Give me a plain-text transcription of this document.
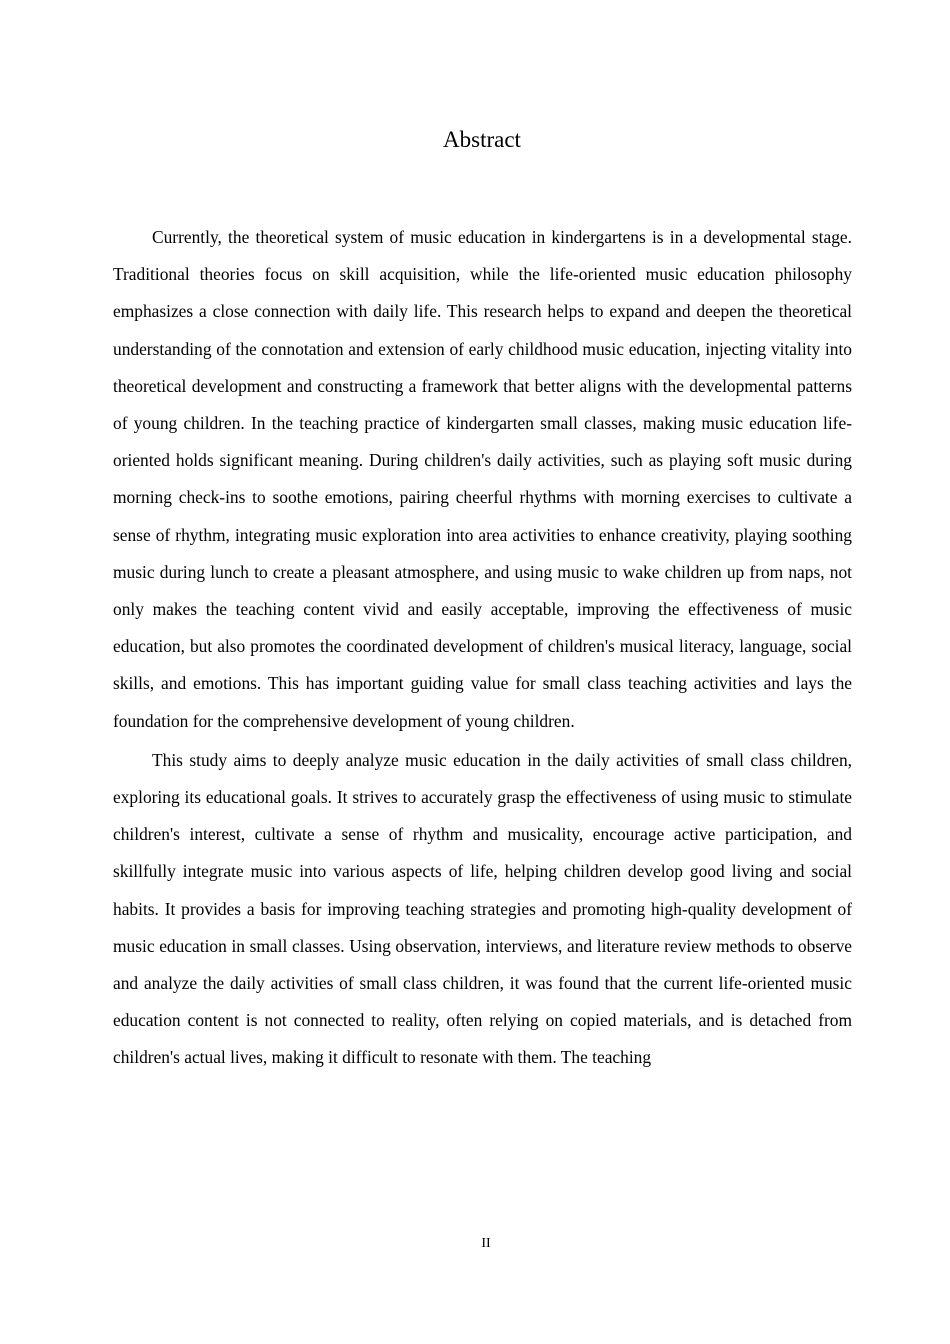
Abstract

Currently, the theoretical system of music education in kindergartens is in a developmental stage. Traditional theories focus on skill acquisition, while the life-oriented music education philosophy emphasizes a close connection with daily life. This research helps to expand and deepen the theoretical understanding of the connotation and extension of early childhood music education, injecting vitality into theoretical development and constructing a framework that better aligns with the developmental patterns of young children. In the teaching practice of kindergarten small classes, making music education life-oriented holds significant meaning. During children's daily activities, such as playing soft music during morning check-ins to soothe emotions, pairing cheerful rhythms with morning exercises to cultivate a sense of rhythm, integrating music exploration into area activities to enhance creativity, playing soothing music during lunch to create a pleasant atmosphere, and using music to wake children up from naps, not only makes the teaching content vivid and easily acceptable, improving the effectiveness of music education, but also promotes the coordinated development of children's musical literacy, language, social skills, and emotions. This has important guiding value for small class teaching activities and lays the foundation for the comprehensive development of young children.

This study aims to deeply analyze music education in the daily activities of small class children, exploring its educational goals. It strives to accurately grasp the effectiveness of using music to stimulate children's interest, cultivate a sense of rhythm and musicality, encourage active participation, and skillfully integrate music into various aspects of life, helping children develop good living and social habits. It provides a basis for improving teaching strategies and promoting high-quality development of music education in small classes. Using observation, interviews, and literature review methods to observe and analyze the daily activities of small class children, it was found that the current life-oriented music education content is not connected to reality, often relying on copied materials, and is detached from children's actual lives, making it difficult to resonate with them. The teaching

II
